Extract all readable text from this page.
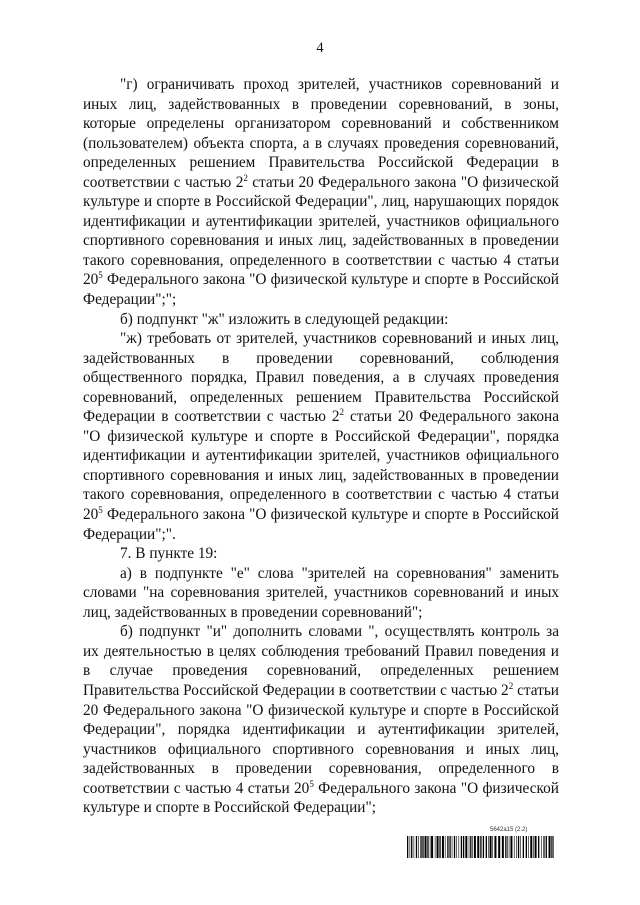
4

"г) ограничивать проход зрителей, участников соревнований и иных лиц, задействованных в проведении соревнований, в зоны, которые определены организатором соревнований и собственником (пользователем) объекта спорта, а в случаях проведения соревнований, определенных решением Правительства Российской Федерации в соответствии с частью $2^2$ статьи 20 Федерального закона "О физической культуре и спорте в Российской Федерации", лиц, нарушающих порядок идентификации и аутентификации зрителей, участников официального спортивного соревнования и иных лиц, задействованных в проведении такого соревнования, определенного в соответствии с частью 4 статьи $20^5$ Федерального закона "О физической культуре и спорте в Российской Федерации";";

б) подпункт "ж" изложить в следующей редакции:

"ж) требовать от зрителей, участников соревнований и иных лиц, задействованных в проведении соревнований, соблюдения общественного порядка, Правил поведения, а в случаях проведения соревнований, определенных решением Правительства Российской Федерации в соответствии с частью $2^2$ статьи 20 Федерального закона "О физической культуре и спорте в Российской Федерации", порядка идентификации и аутентификации зрителей, участников официального спортивного соревнования и иных лиц, задействованных в проведении такого соревнования, определенного в соответствии с частью 4 статьи $20^5$ Федерального закона "О физической культуре и спорте в Российской Федерации";".

7. В пункте 19:

а) в подпункте "е" слова "зрителей на соревнования" заменить словами "на соревнования зрителей, участников соревнований и иных лиц, задействованных в проведении соревнований";

б) подпункт "и" дополнить словами ", осуществлять контроль за их деятельностью в целях соблюдения требований Правил поведения и в случае проведения соревнований, определенных решением Правительства Российской Федерации в соответствии с частью $2^2$ статьи 20 Федерального закона "О физической культуре и спорте в Российской Федерации", порядка идентификации и аутентификации зрителей, участников официального спортивного соревнования и иных лиц, задействованных в проведении соревнования, определенного в соответствии с частью 4 статьи $20^5$ Федерального закона "О физической культуре и спорте в Российской Федерации";

5642a15 (2.2)
